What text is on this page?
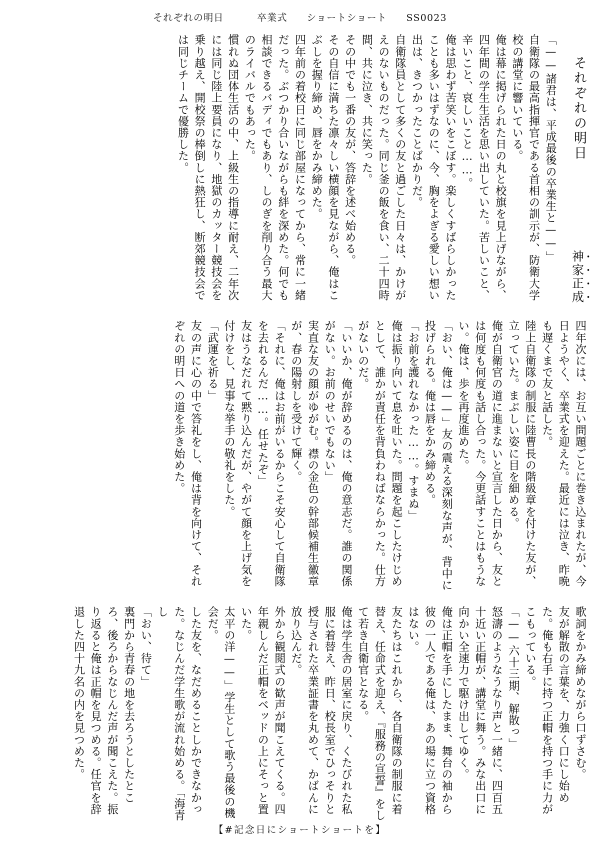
それぞれの明日	卒業式 ショートショート SS0023
それぞれの明日
神家正成
「——諸君は、平成最後の卒業生と——」
自衛隊の最高指揮官である首相の訓示が、防衛大学校の講堂に響いている。
俺は幕に掲げられた日の丸と校旗を見上げながら、四年間の学生生活を思い出していた。苦しいこと、辛いこと、哀しいこと……。
俺は思わず苦笑いをこぼす。楽しくすばらしかったことも多いはずなのに、今、胸をよぎる愛しい想い出は、きつかったことばかりだ。
自衛隊員として多くの友と過ごした日々は、かけがえのないものだった。同じ釜の飯を食い、二十四時間、共に泣き、共に笑った。
その中でも一番の友が、答辞を述べ始める。
その自信に満ちた凛々しい横顔を見ながら、俺はこぶしを握り締め、唇をかみ締めた。
四年前の着校日に同じ部屋になってから、常に一緒だった。ぶつかり合いながらも絆を深めた。何でも相談できるバディでもあり、しのぎを削り合う最大のライバルでもあった。
慣れぬ団体生活の中、上級生の指導に耐え、二年次には同じ陸上要員になり、地獄のカッター競技会を乗り越え、開校祭の棒倒しに熱狂し、断郊競技会では同じチームで優勝した。
四年次には、お互い問題ごとに巻き込まれたが、今日ようやく、卒業式を迎えた。最近には泣き、昨晩も遅くまで友と話した。
陸上自衛隊の制服に陸曹長の階級章を付けた友が、立っていた。まぶしい姿に目を細める。
俺が自衛官の道に進まないと宣言した日から、友とは何度も何度も話し合った。今更話すことはもうない。俺は、歩を再度進めた。
「おい、俺は——」友の震える深刻な声が、背中に投げられる。俺は唇をかみ締める。
「お前を護れなかった……。すまぬ」
俺は振り向いて息を吐いた。問題を起こしたけじめとして、誰かが責任を背負わねばならかった。仕方がないのだ。
「いいか、俺が辞めるのは、俺の意志だ。誰の関係がない。お前のせいでもない」
実直な友の顔がゆがむ。襟の金色の幹部候補生徽章が、春の陽射しを受けて輝く。
「それに、俺はお前がいるからこそ安心して自衛隊を去れるんだ……。任せたぞ」
友はうなだれて黙り込んだが、やがて顔を上げ気を付けをし、見事な挙手の敬礼をした。
「武運を祈る」
友の声に心の中で答礼をし、俺は背を向けて、それぞれの明日への道を歩き始めた。
歌詞をかみ締めながら口ずさむ。
友が解散の言葉を、力強く口にし始めた。俺も右手に持つ正帽を持つ手に力がこもっている。
「——六十三期、解散っ」
怒濤のようなうなり声と一緒に、四百五十近い正帽が、講堂に舞う。みな出口に向かい全速力で駆け出してゆく。
俺は正帽を手にしたまま、舞台の袖から彼の一人である俺は、あの場に立つ資格はない。
友たちはこれから、各自衛隊の制服に着替え、任命式を迎え、『服務の宣誓』をして若き自衛官となる。
俺は学生舎の居室に戻り、くたびれた私服に着替え、昨日、校長室でひっそりと授与された卒業証書を丸めて、かばんに放り込んだ。
外から観閲式の歓声が聞こえてくる。四年親しんだ正帽をベッドの上にそっと置いた。
太平の洋——」学生として歌う最後の機会だ。
した友を、なだめることしかできなかった。なじんだ学生歌が流れ始める。「海青し
「おい、待て」
裏門から青春の地を去ろうとしたところ、後ろからなじんだ声が聞こえた。振り返ると俺は正帽を見つめる。任官を辞退した四十九名の内を見つめた。
【#記念日にショートショートを】
